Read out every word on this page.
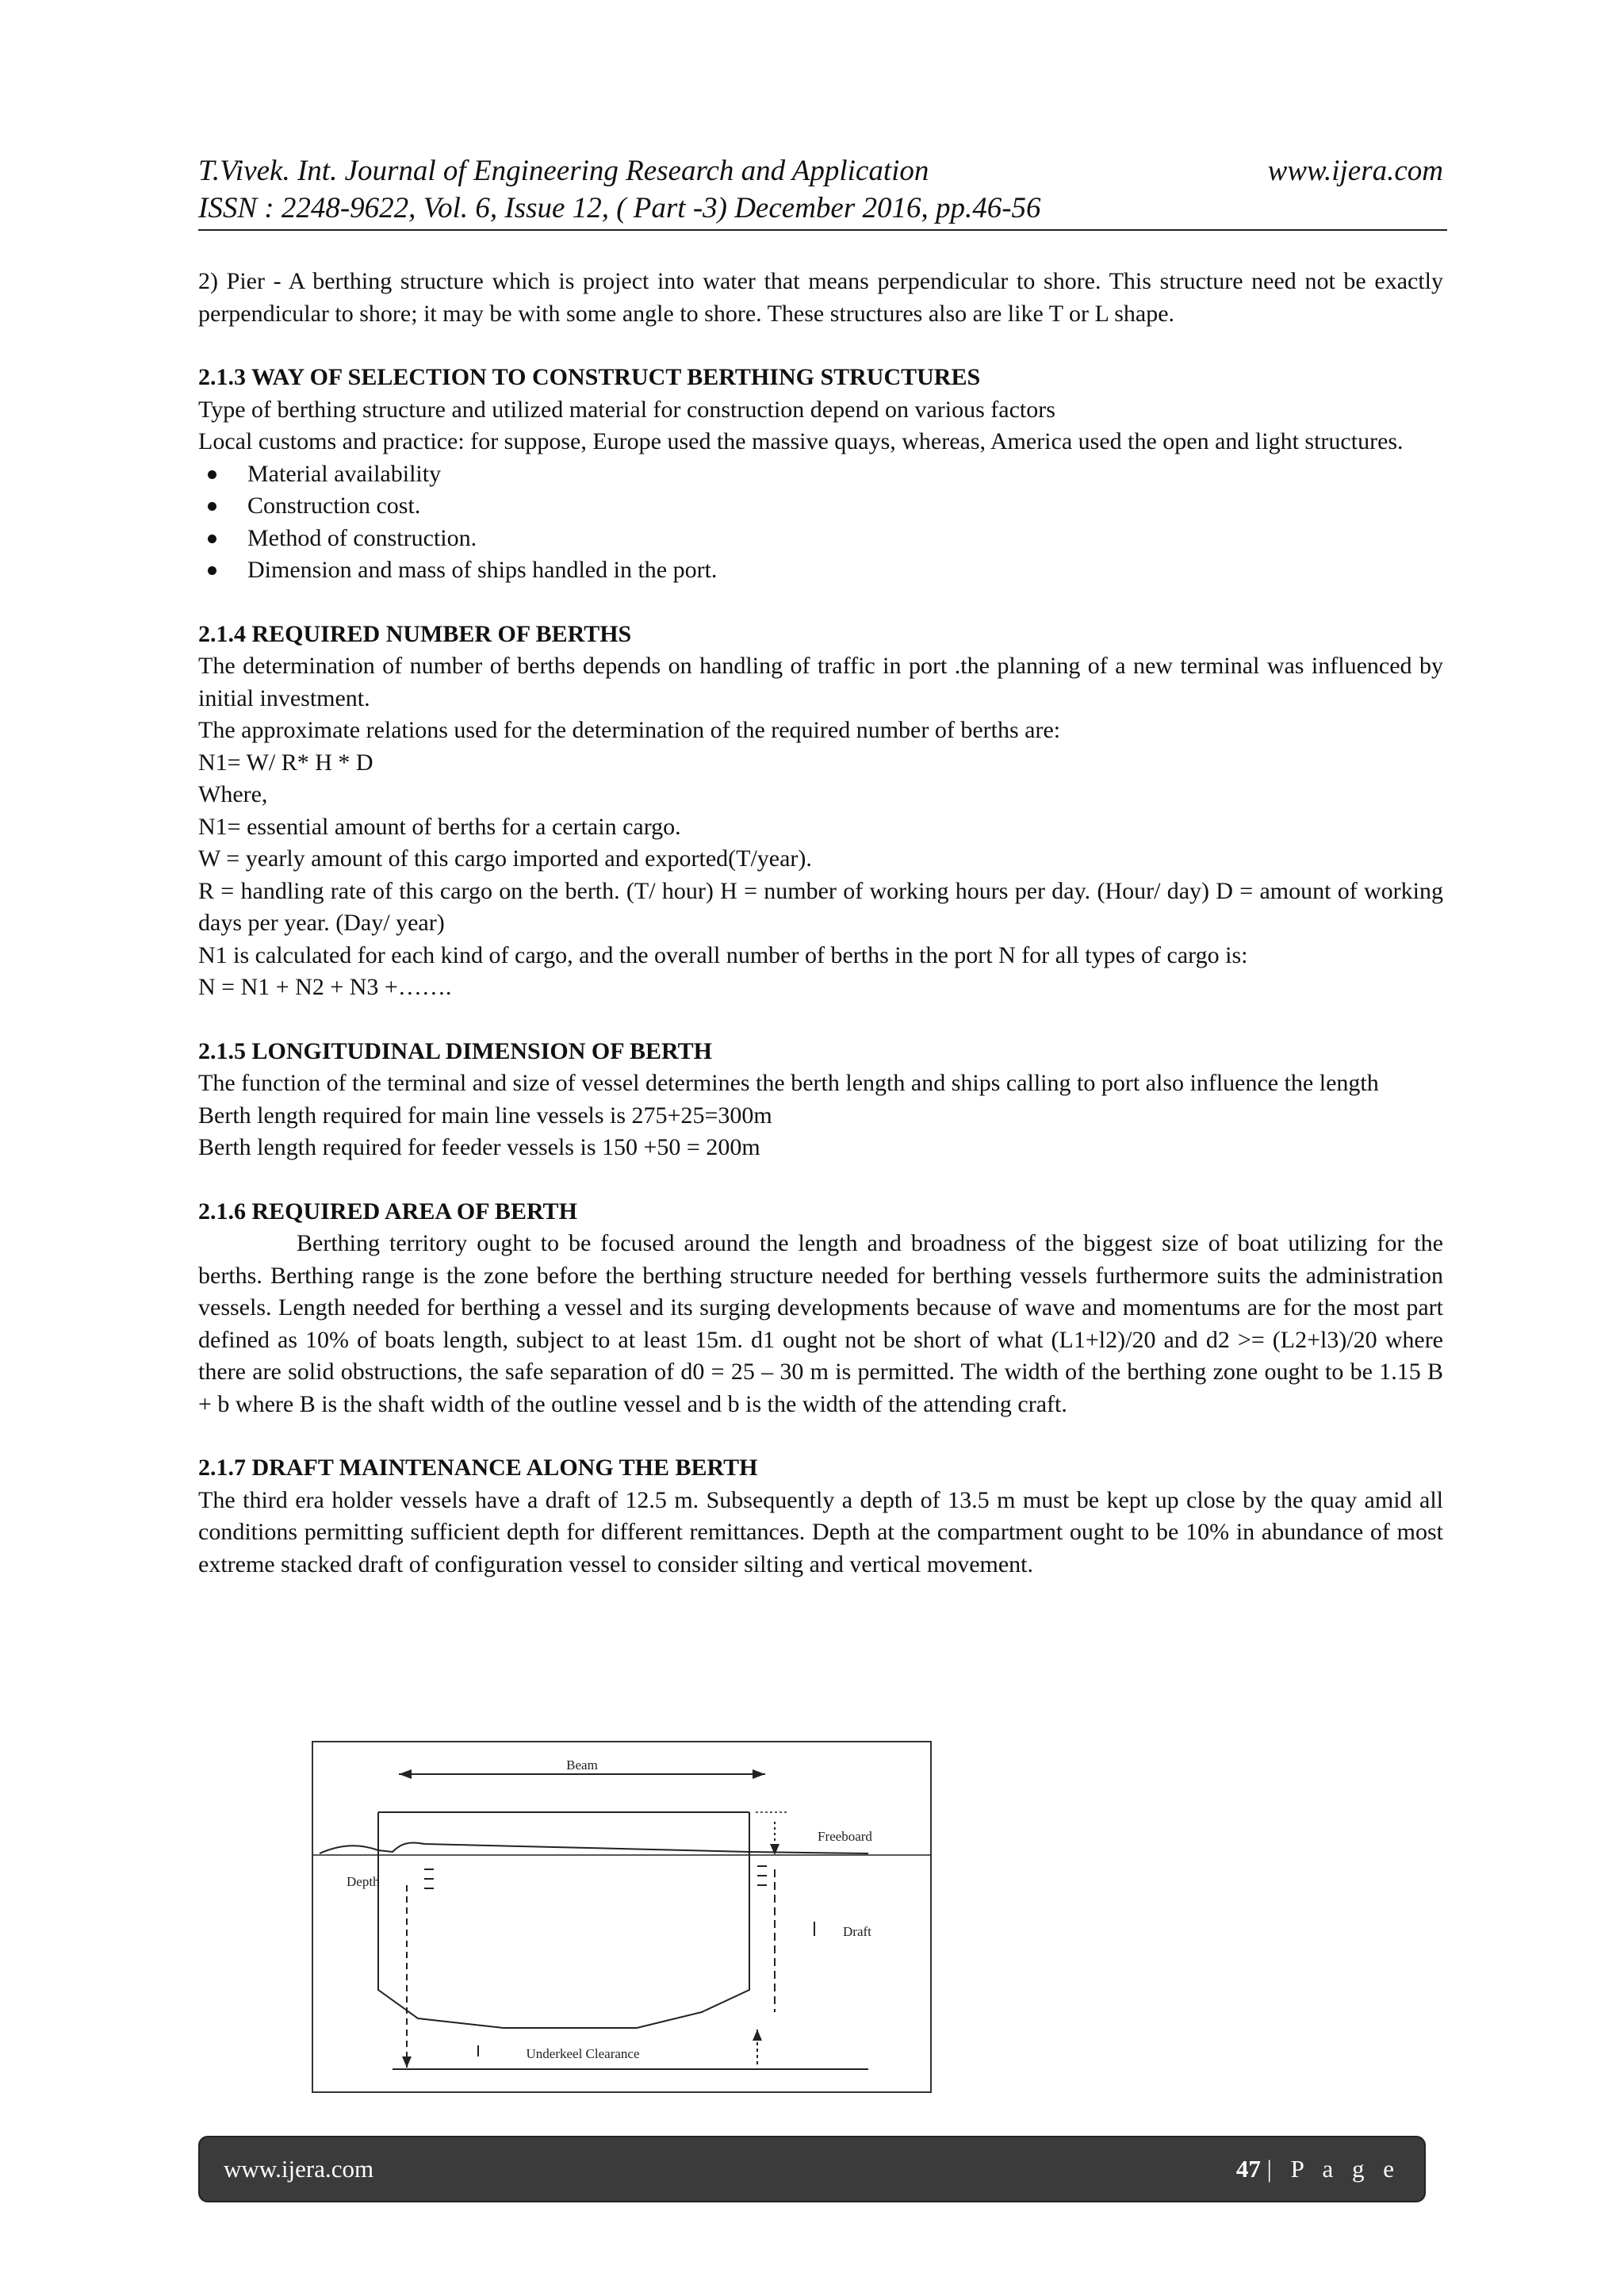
T.Vivek. Int. Journal of Engineering Research and Application	www.ijera.com
ISSN : 2248-9622, Vol. 6, Issue 12, ( Part -3) December 2016, pp.46-56

2) Pier - A berthing structure which is project into water that means perpendicular to shore. This structure need not be exactly perpendicular to shore; it may be with some angle to shore. These structures also are like T or L shape.

2.1.3 WAY OF SELECTION TO CONSTRUCT BERTHING STRUCTURES

Type of berthing structure and utilized material for construction depend on various factors

Local customs and practice: for suppose, Europe used the massive quays, whereas, America used the open and light structures.

Material availability
Construction cost.
Method of construction.
Dimension and mass of ships handled in the port.
2.1.4 REQUIRED NUMBER OF BERTHS

The determination of number of berths depends on handling of traffic in port .the planning of a new terminal was influenced by initial investment.

The approximate relations used for the determination of the required number of berths are:

N1= W/ R* H * D

Where,

N1= essential amount of berths for a certain cargo.

W = yearly amount of this cargo imported and exported(T/year).

R = handling rate of this cargo on the berth. (T/ hour) H = number of working hours per day. (Hour/ day) D = amount of working days per year. (Day/ year)

N1 is calculated for each kind of cargo, and the overall number of berths in the port N for all types of cargo is:

N = N1 + N2 + N3 +…….

2.1.5 LONGITUDINAL DIMENSION OF BERTH

The function of the terminal and size of vessel determines the berth length and ships calling to port also influence the length

Berth length required for main line vessels is 275+25=300m

Berth length required for feeder vessels is 150 +50 = 200m

2.1.6 REQUIRED AREA OF BERTH

Berthing territory ought to be focused around the length and broadness of the biggest size of boat utilizing for the berths. Berthing range is the zone before the berthing structure needed for berthing vessels furthermore suits the administration vessels. Length needed for berthing a vessel and its surging developments because of wave and momentums are for the most part defined as 10% of boats length, subject to at least 15m. d1 ought not be short of what (L1+l2)/20 and d2 >= (L2+l3)/20 where there are solid obstructions, the safe separation of d0 = 25 – 30 m is permitted. The width of the berthing zone ought to be 1.15 B + b where B is the shaft width of the outline vessel and b is the width of the attending craft.

2.1.7 DRAFT MAINTENANCE ALONG THE BERTH

The third era holder vessels have a draft of 12.5 m. Subsequently a depth of 13.5 m must be kept up close by the quay amid all conditions permitting sufficient depth for different remittances. Depth at the compartment ought to be 10% in abundance of most extreme stacked draft of configuration vessel to consider silting and vertical movement.

Beam
Depth
Freeboard
Draft
Underkeel Clearance
www.ijera.com	47 | P a g e
